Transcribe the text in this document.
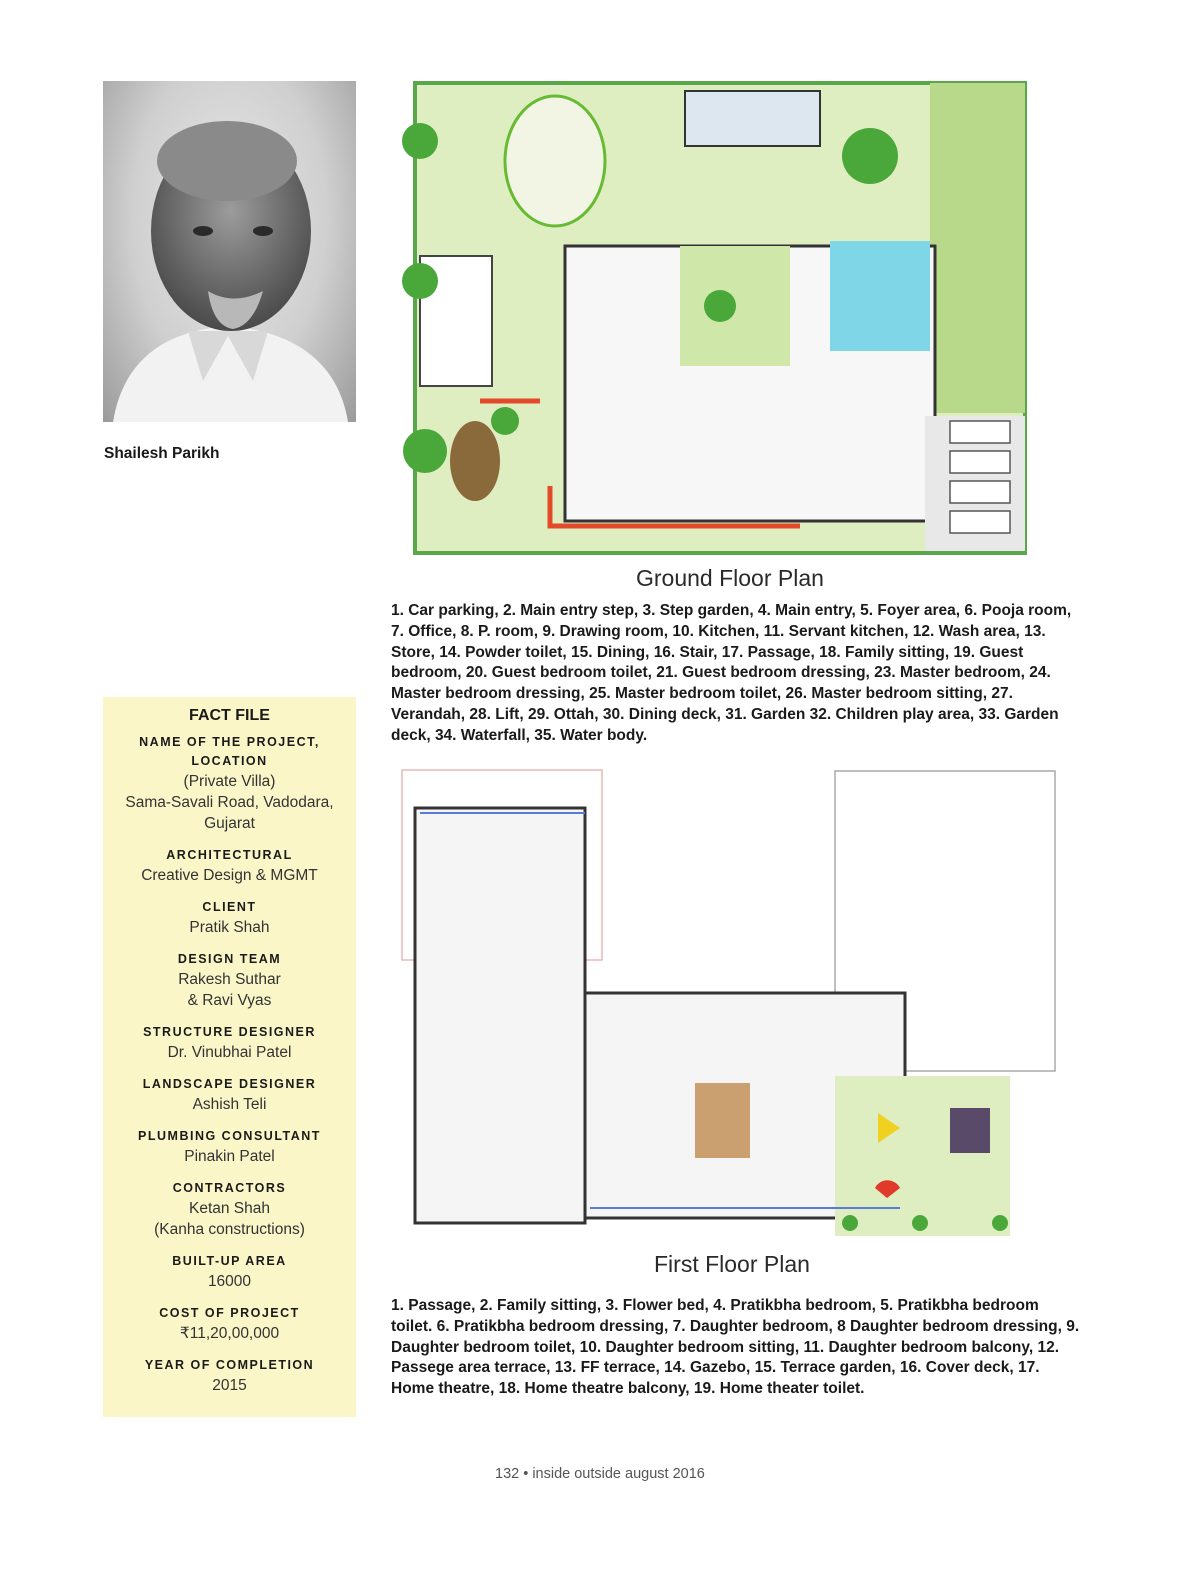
Shailesh Parikh
FACT FILE
NAME OF THE PROJECT, LOCATION
(Private Villa)
Sama-Savali Road, Vadodara,
Gujarat
ARCHITECTURAL
Creative Design & MGMT
CLIENT
Pratik Shah
DESIGN TEAM
Rakesh Suthar
& Ravi Vyas
STRUCTURE DESIGNER
Dr. Vinubhai Patel
LANDSCAPE DESIGNER
Ashish Teli
PLUMBING CONSULTANT
Pinakin Patel
CONTRACTORS
Ketan Shah
(Kanha constructions)
BUILT-UP AREA
16000
COST OF PROJECT
₹11,20,00,000
YEAR OF COMPLETION
2015
Ground Floor Plan
1. Car parking, 2. Main entry step, 3. Step garden, 4. Main entry, 5. Foyer area, 6. Pooja room, 7. Office, 8. P. room, 9. Drawing room, 10. Kitchen, 11. Servant kitchen, 12. Wash area, 13. Store, 14. Powder toilet, 15. Dining, 16. Stair, 17. Passage, 18. Family sitting, 19. Guest bedroom, 20. Guest bedroom toilet, 21. Guest bedroom dressing, 23. Master bedroom, 24. Master bedroom dressing, 25. Master bedroom toilet, 26. Master bedroom sitting, 27. Verandah, 28. Lift, 29. Ottah, 30. Dining deck, 31. Garden 32. Children play area, 33. Garden deck, 34. Waterfall, 35. Water body.
First Floor Plan
1. Passage, 2. Family sitting, 3. Flower bed, 4. Pratikbha bedroom, 5. Pratikbha bedroom toilet. 6. Pratikbha bedroom dressing, 7. Daughter bedroom, 8 Daughter bedroom dressing, 9. Daughter bedroom toilet, 10. Daughter bedroom sitting, 11. Daughter bedroom balcony, 12. Passege area terrace, 13. FF terrace, 14. Gazebo, 15. Terrace garden, 16. Cover deck, 17. Home theatre, 18. Home theatre balcony, 19. Home theater toilet.
132 • inside outside august 2016
